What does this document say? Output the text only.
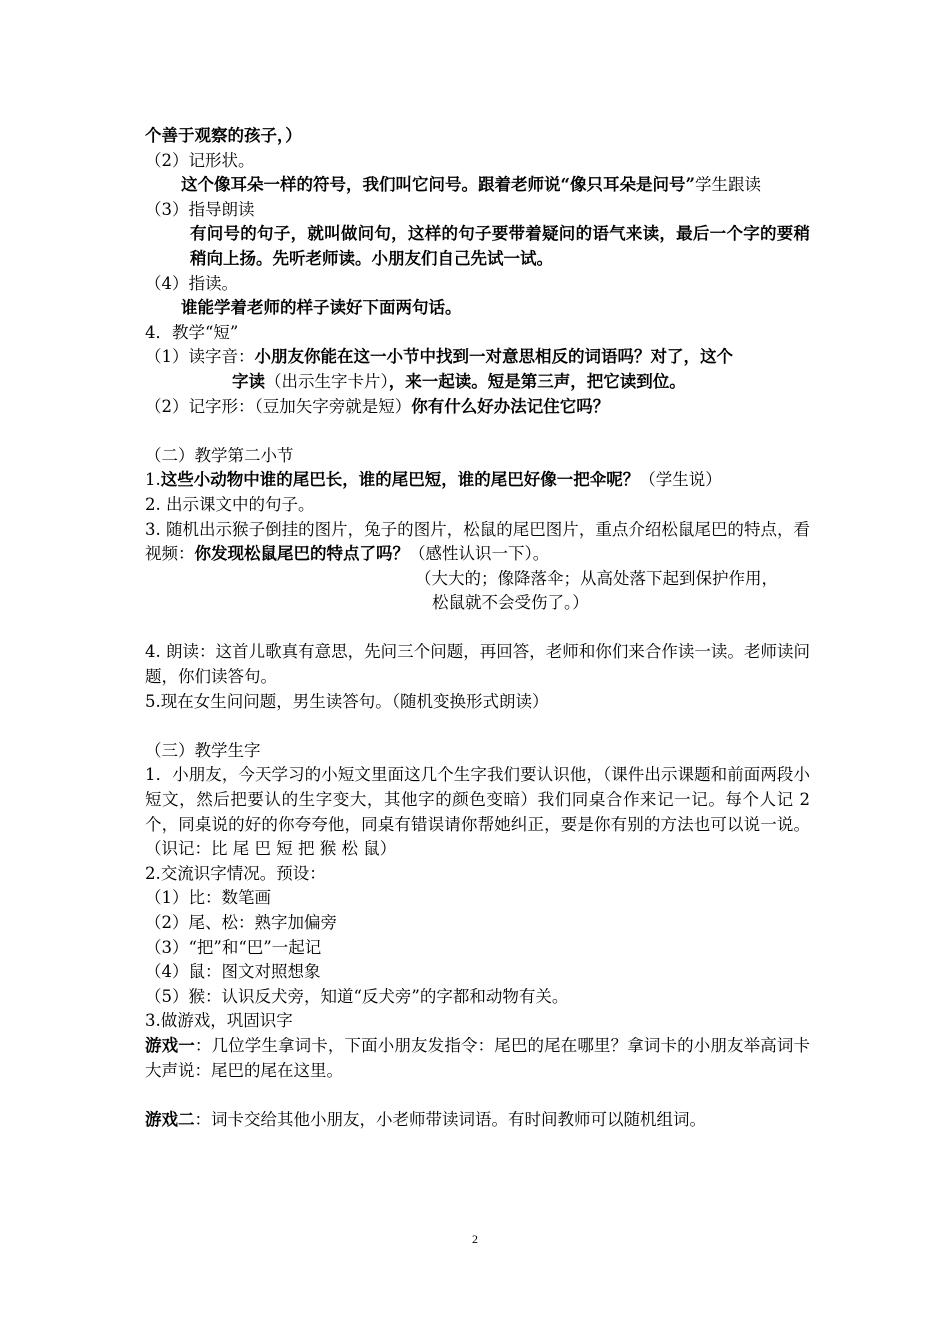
个善于观察的孩子，）

（2）记形状。

这个像耳朵一样的符号，我们叫它问号。跟着老师说“像只耳朵是问号”学生跟读

（3）指导朗读

有问号的句子，就叫做问句，这样的句子要带着疑问的语气来读，最后一个字的要稍稍向上扬。先听老师读。小朋友们自己先试一试。

（4）指读。

谁能学着老师的样子读好下面两句话。

4．教学“短”

（1）读字音：小朋友你能在这一小节中找到一对意思相反的词语吗？对了，这个

字读（出示生字卡片），来一起读。短是第三声，把它读到位。

（2）记字形：（豆加矢字旁就是短）你有什么好办法记住它吗？

（二）教学第二小节

1.这些小动物中谁的尾巴长，谁的尾巴短，谁的尾巴好像一把伞呢？（学生说）

2. 出示课文中的句子。

3. 随机出示猴子倒挂的图片，兔子的图片，松鼠的尾巴图片，重点介绍松鼠尾巴的特点，看视频：你发现松鼠尾巴的特点了吗？（感性认识一下）。

（大大的；像降落伞；从高处落下起到保护作用，

松鼠就不会受伤了。）

4. 朗读：这首儿歌真有意思，先问三个问题，再回答，老师和你们来合作读一读。老师读问题，你们读答句。

5.现在女生问问题，男生读答句。（随机变换形式朗读）

（三）教学生字

1．小朋友，今天学习的小短文里面这几个生字我们要认识他，（课件出示课题和前面两段小短文，然后把要认的生字变大，其他字的颜色变暗）我们同桌合作来记一记。每个人记 2 个，同桌说的好的你夸夸他，同桌有错误请你帮她纠正，要是你有别的方法也可以说一说。（识记：比 尾 巴 短 把 猴 松 鼠）

2.交流识字情况。预设：

（1）比：数笔画

（2）尾、松：熟字加偏旁

（3）“把”和“巴”一起记

（4）鼠：图文对照想象

（5）猴：认识反犬旁，知道“反犬旁”的字都和动物有关。

3.做游戏，巩固识字

游戏一：几位学生拿词卡，下面小朋友发指令：尾巴的尾在哪里？拿词卡的小朋友举高词卡大声说：尾巴的尾在这里。

游戏二：词卡交给其他小朋友，小老师带读词语。有时间教师可以随机组词。

2
